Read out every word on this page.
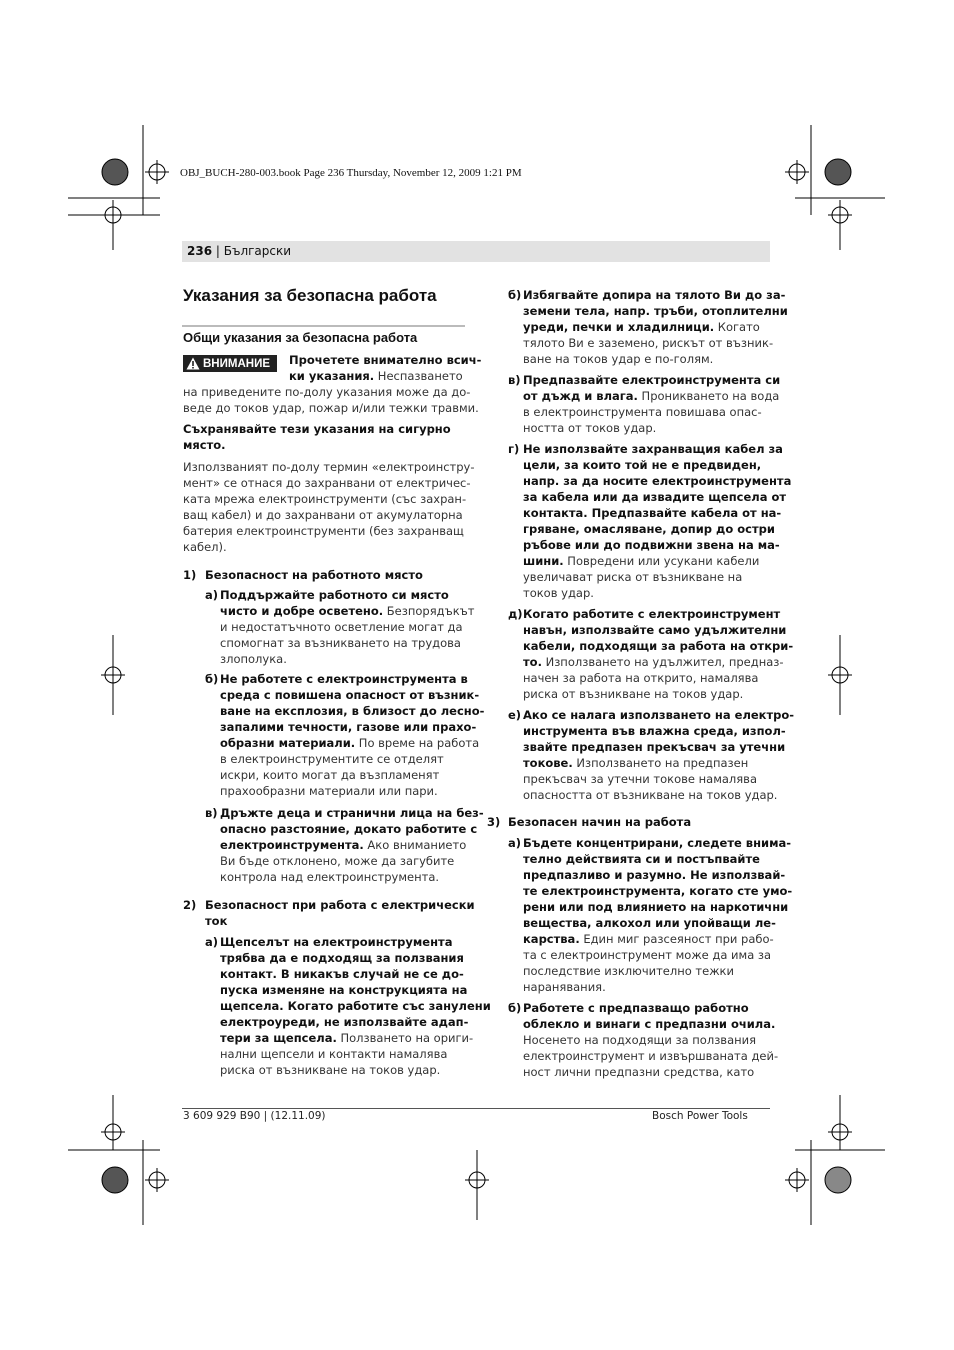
OBJ_BUCH-280-003.book Page 236 Thursday, November 12, 2009 1:21 PM
236 | Български
Указания за безопасна работа
Общи указания за безопасна работа
ВНИМАНИЕ Прочетете внимателно всич-
ки указания. Неспазването
на приведените по-долу указания може да до-
веде до токов удар, пожар и/или тежки травми.
Съхранявайте тези указания на сигурно
място.
Използваният по-долу термин «електроинстру-
мент» се отнася до захранвани от електричес-
ката мрежа електроинструменти (със захран-
ващ кабел) и до захранвани от акумулаторна
батерия електроинструменти (без захранващ
кабел).
1) Безопасност на работното място
2) Безопасност при работа с електрически
ток
3) Безопасен начин на работа
а) Поддържайте работното си място
чисто и добре осветено. Безпорядъкът
и недостатъчното осветление могат да
спомогнат за възникването на трудова
злополука.
б) Не работете с електроинструмента в
среда с повишена опасност от възник-
ване на експлозия, в близост до лесно-
запалими течности, газове или прахо-
образни материали. По време на работа
в електроинструментите се отделят
искри, които могат да възпламенят
прахообразни материали или пари.
в) Дръжте деца и странични лица на без-
опасно разстояние, докато работите с
електроинструмента. Ако вниманието
Ви бъде отклонено, може да загубите
контрола над електроинструмента.
а) Щепселът на електроинструмента
трябва да е подходящ за ползвания
контакт. В никакъв случай не се до-
пуска изменяне на конструкцията на
щепсела. Когато работите със занулени
електроуреди, не използвайте адап-
тери за щепсела. Ползването на ориги-
нални щепсели и контакти намалява
риска от възникване на токов удар.
б) Избягвайте допира на тялото Ви до за-
земени тела, напр. тръби, отоплителни
уреди, печки и хладилници. Когато
тялото Ви е заземено, рискът от възник-
ване на токов удар е по-голям.
в) Предпазвайте електроинструмента си
от дъжд и влага. Проникването на вода
в електроинструмента повишава опас-
ността от токов удар.
г) Не използвайте захранващия кабел за
цели, за които той не е предвиден,
напр. за да носите електроинструмента
за кабела или да извадите щепсела от
контакта. Предпазвайте кабела от на-
гряване, омасляване, допир до остри
ръбове или до подвижни звена на ма-
шини. Повредени или усукани кабели
увеличават риска от възникване на
токов удар.
д) Когато работите с електроинструмент
навън, използвайте само удължителни
кабели, подходящи за работа на откри-
то. Използването на удължител, предназ-
начен за работа на открито, намалява
риска от възникване на токов удар.
е) Ако се налага използването на електро-
инструмента във влажна среда, изпол-
звайте предпазен прекъсвач за утечни
токове. Използването на предпазен
прекъсвач за утечни токове намалява
опасността от възникване на токов удар.
а) Бъдете концентрирани, следете внима-
телно действията си и постъпвайте
предпазливо и разумно. Не използвай-
те електроинструмента, когато сте умо-
рени или под влиянието на наркотични
вещества, алкохол или упойващи ле-
карства. Един миг разсеяност при рабо-
та с електроинструмент може да има за
последствие изключително тежки
наранявания.
б) Работете с предпазващо работно
облекло и винаги с предпазни очила.
Носенето на подходящи за ползвания
електроинструмент и извършваната дей-
ност лични предпазни средства, като
3 609 929 B90 | (12.11.09)	Bosch Power Tools
